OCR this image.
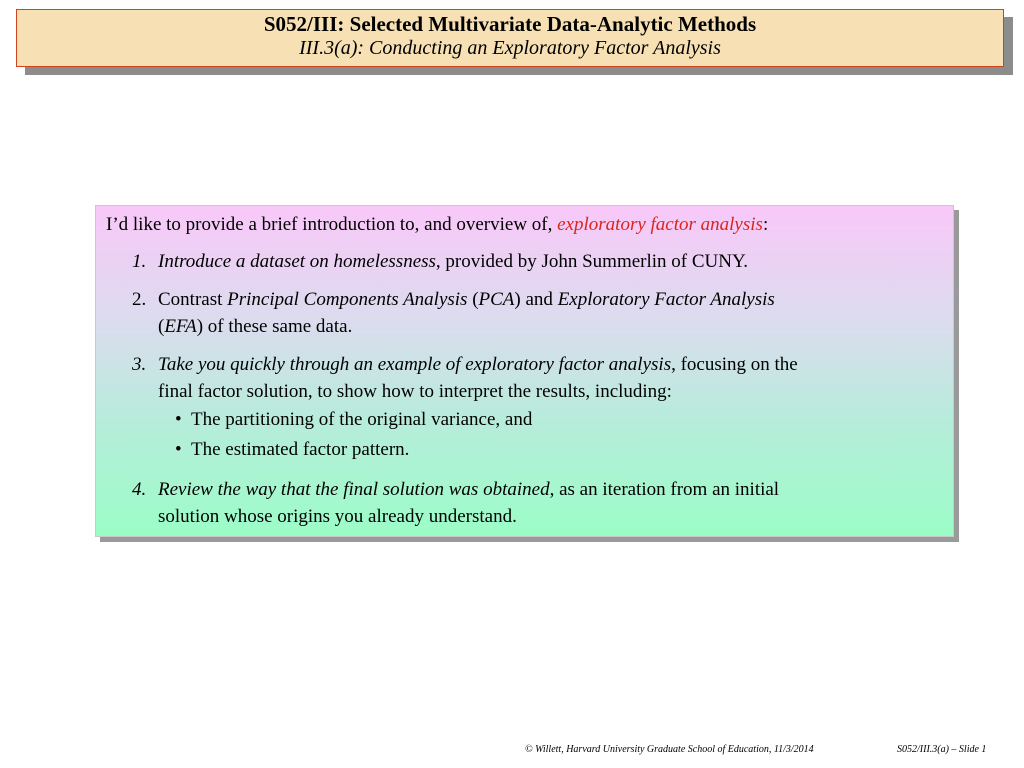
S052/III: Selected Multivariate Data-Analytic Methods
III.3(a): Conducting an Exploratory Factor Analysis

I’d like to provide a brief introduction to, and overview of, exploratory factor analysis:

1. Introduce a dataset on homelessness, provided by John Summerlin of CUNY.
2. Contrast Principal Components Analysis (PCA) and Exploratory Factor Analysis
(EFA) of these same data.
3. Take you quickly through an example of exploratory factor analysis, focusing on the
final factor solution, to show how to interpret the results, including:
• The partitioning of the original variance, and
• The estimated factor pattern.
4. Review the way that the final solution was obtained, as an iteration from an initial
solution whose origins you already understand.
© Willett, Harvard University Graduate School of Education, 11/3/2014	S052/III.3(a) – Slide 1
